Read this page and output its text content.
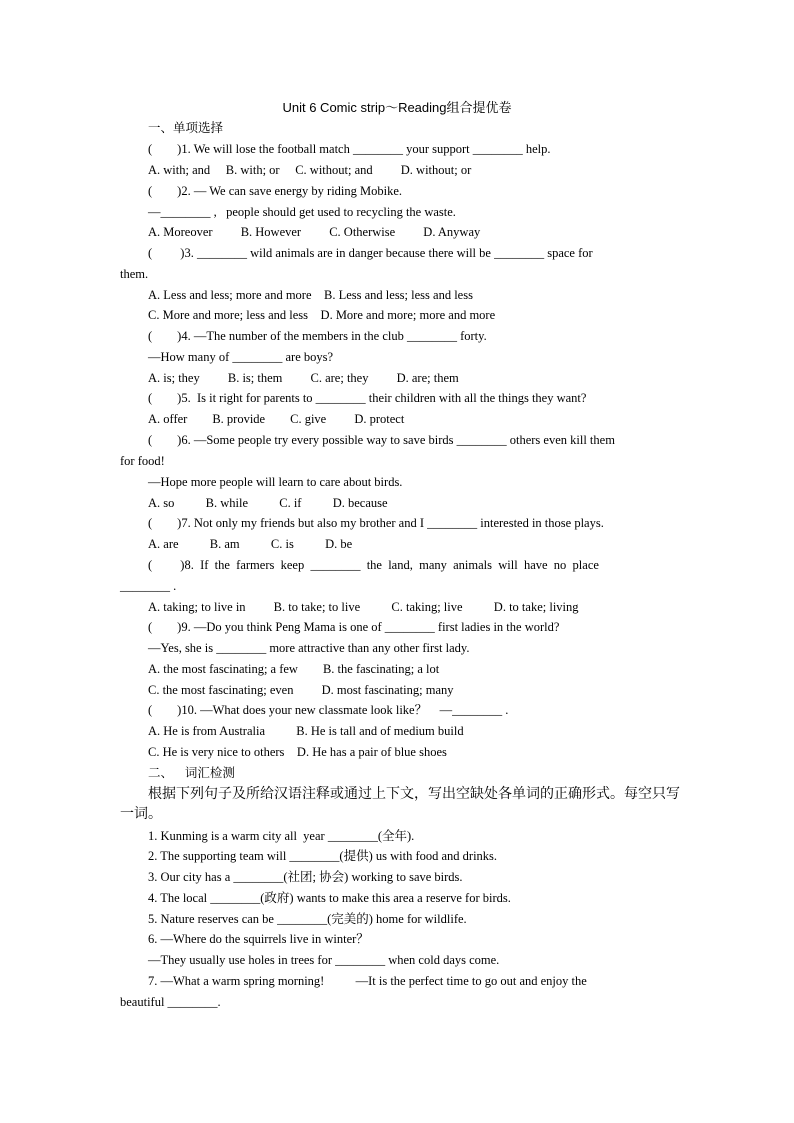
Unit 6 Comic strip～Reading组合提优卷
一、单项选择
(        )1. We will lose the football match ________ your support ________ help.
A. with; and     B. with; or     C. without; and         D. without; or
(        )2. — We can save energy by riding Mobike.
—________ ,   people should get used to recycling the waste.
A. Moreover         B. However         C. Otherwise         D. Anyway
(         )3. ________ wild animals are in danger because there will be ________ space for
them.
A. Less and less; more and more    B. Less and less; less and less
C. More and more; less and less    D. More and more; more and more
(        )4. —The number of the members in the club ________ forty.
—How many of ________ are boys?
A. is; they         B. is; them         C. are; they         D. are; them
(        )5.  Is it right for parents to ________ their children with all the things they want?
A. offer        B. provide        C. give         D. protect
(        )6. —Some people try every possible way to save birds ________ others even kill them
for food!
—Hope more people will learn to care about birds.
A. so          B. while          C. if          D. because
(        )7. Not only my friends but also my brother and I ________ interested in those plays.
A. are          B. am          C. is          D. be
(         )8.  If  the  farmers  keep  ________  the  land,  many  animals  will  have  no  place
________ .
A. taking; to live in         B. to take; to live          C. taking; live          D. to take; living
(        )9. —Do you think Peng Mama is one of ________ first ladies in the world?
—Yes, she is ________ more attractive than any other first lady.
A. the most fascinating; a few        B. the fascinating; a lot
C. the most fascinating; even         D. most fascinating; many
(        )10. —What does your new classmate look like？    —________ .
A. He is from Australia          B. He is tall and of medium build
C. He is very nice to others    D. He has a pair of blue shoes
二、   词汇检测
根据下列句子及所给汉语注释或通过上下文，写出空缺处各单词的正确形式。每空只写
一词。
1. Kunming is a warm city all  year ________(全年).
2. The supporting team will ________(提供) us with food and drinks.
3. Our city has a ________(社团; 协会) working to save birds.
4. The local ________(政府) wants to make this area a reserve for birds.
5. Nature reserves can be ________(完美的) home for wildlife.
6. —Where do the squirrels live in winter？
—They usually use holes in trees for ________ when cold days come.
7. —What a warm spring morning!          —It is the perfect time to go out and enjoy the
beautiful ________.
